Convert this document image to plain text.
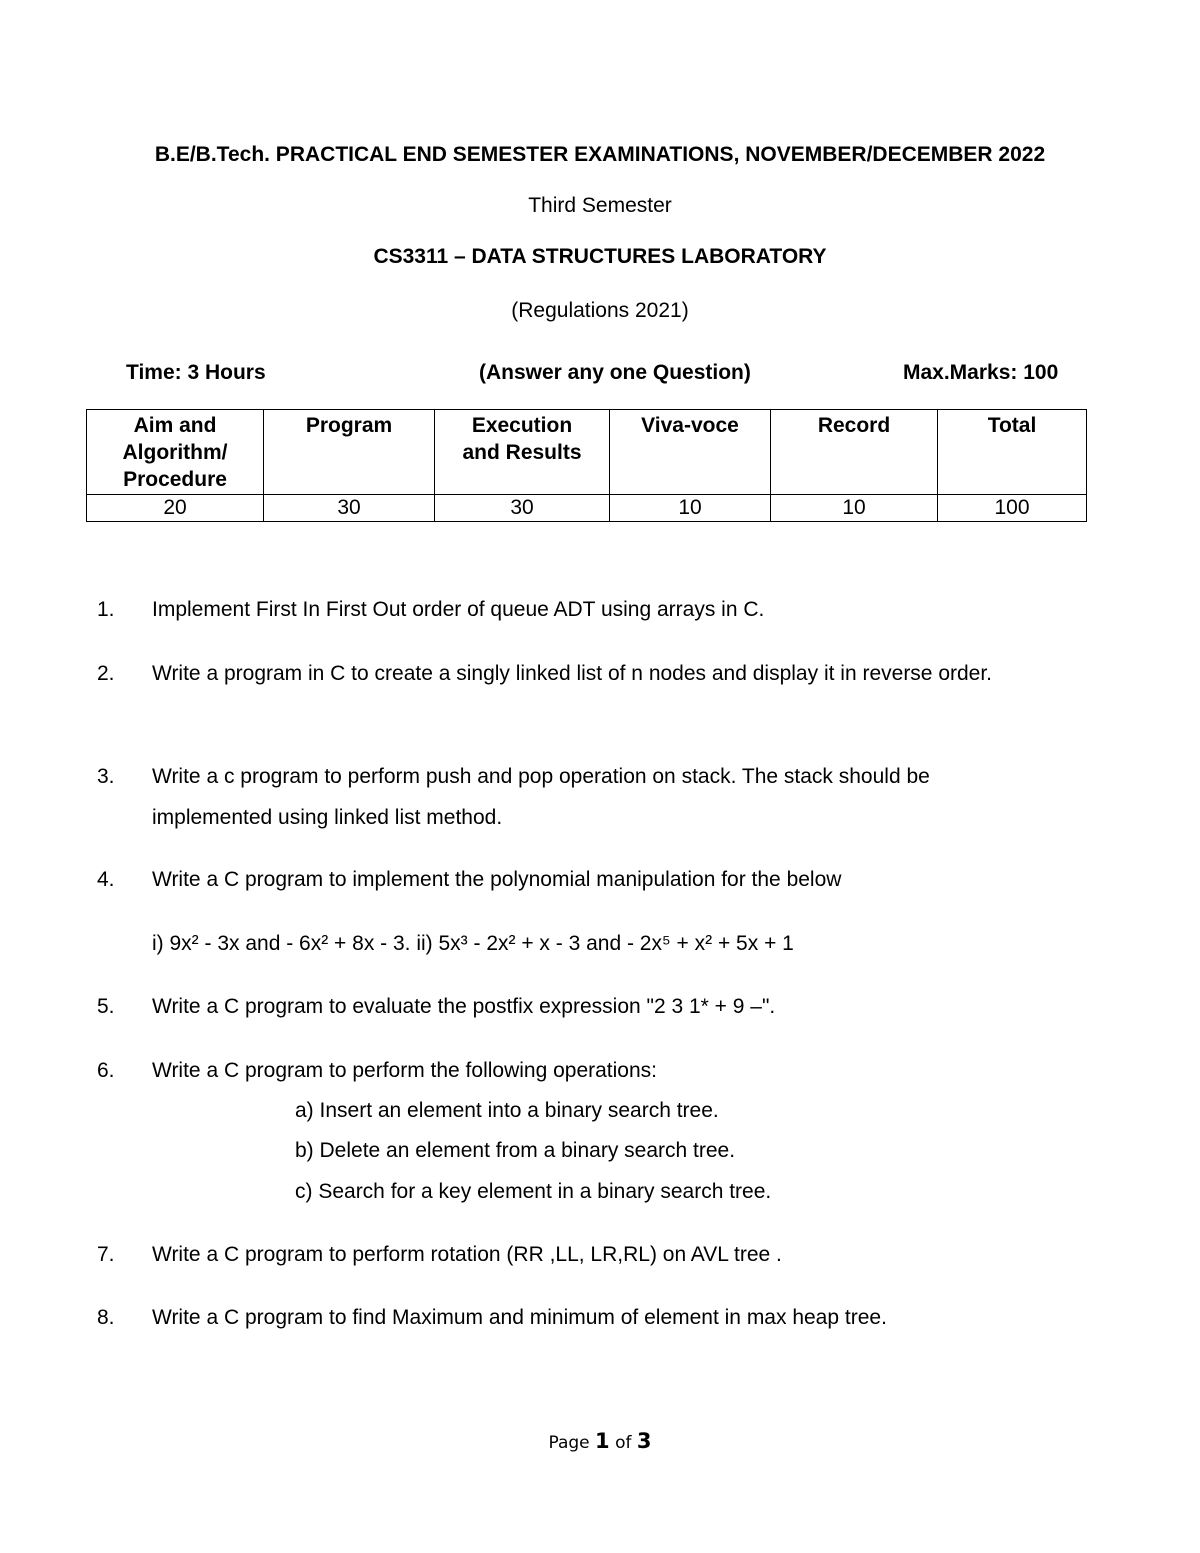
B.E/B.Tech. PRACTICAL END SEMESTER EXAMINATIONS, NOVEMBER/DECEMBER 2022
Third Semester
CS3311 – DATA STRUCTURES LABORATORY
(Regulations 2021)
Time: 3 Hours	(Answer any one Question)	Max.Marks: 100
Aim and Algorithm/ Procedure	Program	Execution and Results	Viva-voce	Record	Total
20	30	30	10	10	100
1. Implement First In First Out order of queue ADT using arrays in C.
2. Write a program in C to create a singly linked list of n nodes and display it in reverse order.
3. Write a c program to perform push and pop operation on stack. The stack should be implemented using linked list method.
4. Write a C program to implement the polynomial manipulation for the below
i) 9x² - 3x and - 6x² + 8x - 3. ii) 5x³ - 2x² + x - 3 and - 2x⁵ + x² + 5x + 1
5. Write a C program to evaluate the postfix expression "2 3 1* + 9 –".
6. Write a C program to perform the following operations:
a) Insert an element into a binary search tree.
b) Delete an element from a binary search tree.
c) Search for a key element in a binary search tree.
7. Write a C program to perform rotation (RR ,LL, LR,RL) on AVL tree .
8. Write a C program to find Maximum and minimum of element in max heap tree.
Page 1 of 3
